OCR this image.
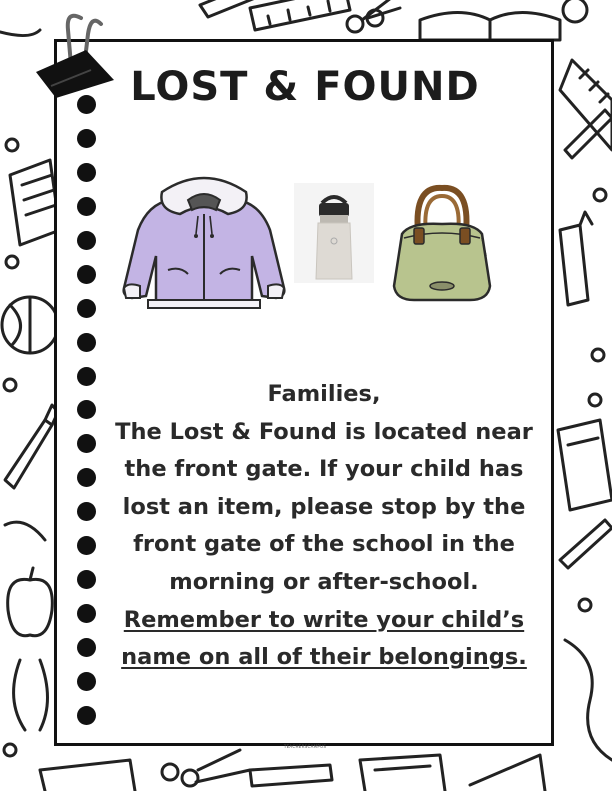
LOST & FOUND

Families,

The Lost & Found is located near the front gate. If your child has lost an item, please stop by the front gate of the school in the morning or after-school.

Remember to write your child’s name on all of their belongings.

TEACHERSCAMPUS
